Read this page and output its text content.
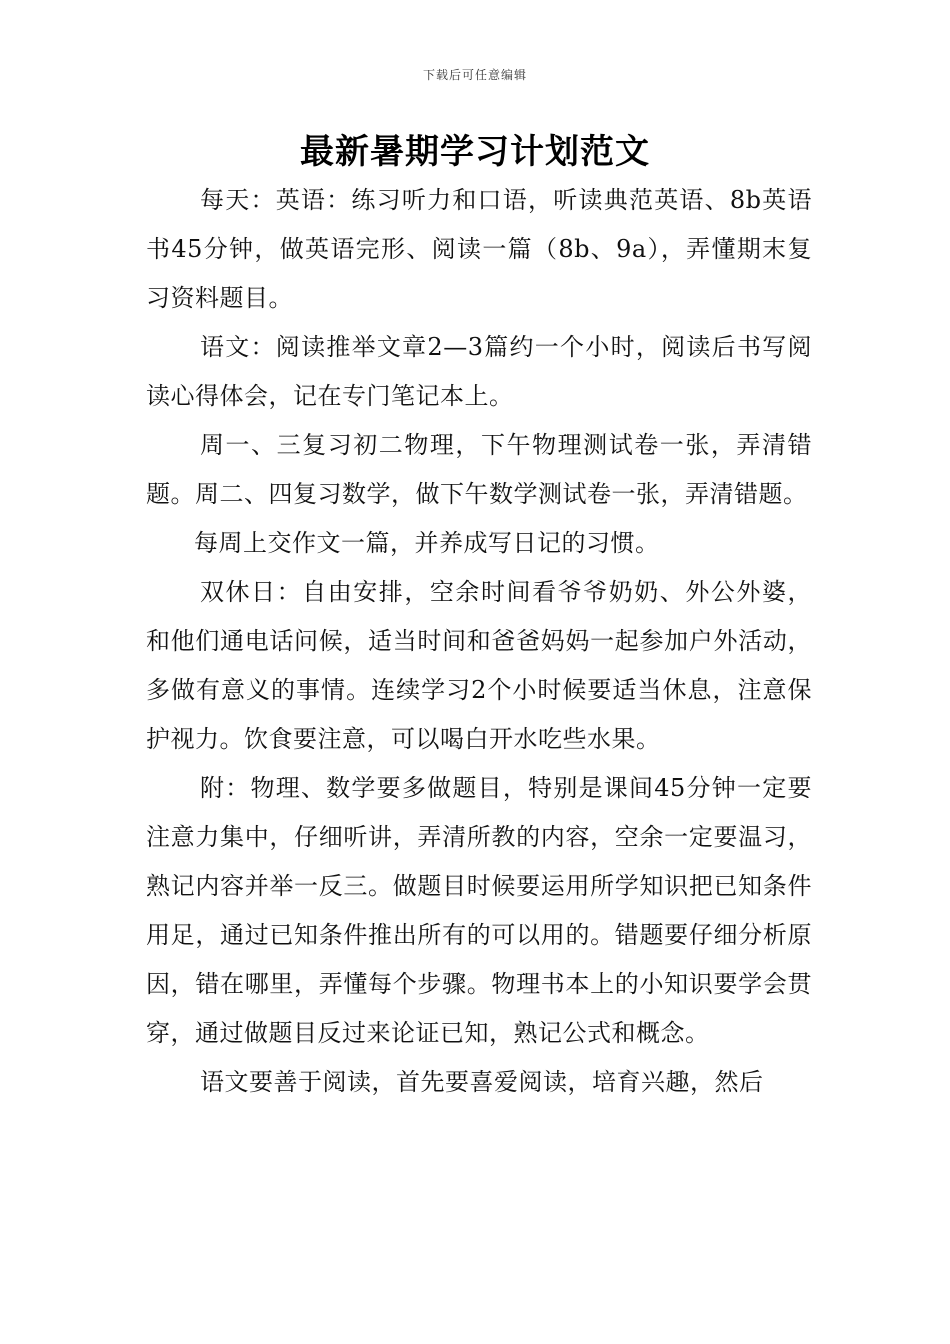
下载后可任意编辑
最新暑期学习计划范文

每天：英语：练习听力和口语，听读典范英语、8b英语书45分钟，做英语完形、阅读一篇（8b、9a），弄懂期末复习资料题目。

语文：阅读推举文章2—3篇约一个小时，阅读后书写阅读心得体会，记在专门笔记本上。

周一、三复习初二物理，下午物理测试卷一张，弄清错题。周二、四复习数学，做下午数学测试卷一张，弄清错题。

每周上交作文一篇，并养成写日记的习惯。

双休日：自由安排，空余时间看爷爷奶奶、外公外婆，和他们通电话问候，适当时间和爸爸妈妈一起参加户外活动，多做有意义的事情。连续学习2个小时候要适当休息，注意保护视力。饮食要注意，可以喝白开水吃些水果。

附：物理、数学要多做题目，特别是课间45分钟一定要注意力集中，仔细听讲，弄清所教的内容，空余一定要温习，熟记内容并举一反三。做题目时候要运用所学知识把已知条件用足，通过已知条件推出所有的可以用的。错题要仔细分析原因，错在哪里，弄懂每个步骤。物理书本上的小知识要学会贯穿，通过做题目反过来论证已知，熟记公式和概念。

语文要善于阅读，首先要喜爱阅读，培育兴趣，然后
